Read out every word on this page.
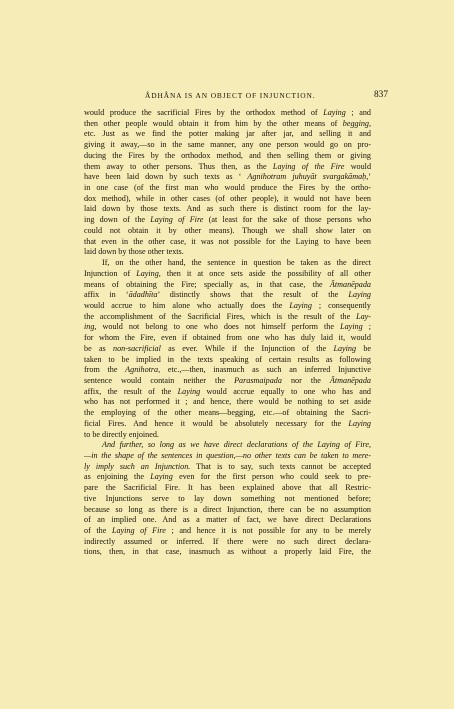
ÂDHÂNA IS AN OBJECT OF INJUNCTION.	837
would produce the sacrificial Fires by the orthodox method of Laying ; and
then other people would obtain it from him by the other means of begging,
etc. Just as we find the potter making jar after jar, and selling it and
giving it away,—so in the same manner, any one person would go on pro-
ducing the Fires by the orthodox method, and then selling them or giving
them away to other persons. Thus then, as the Laying of the Fire would
have been laid down by such texts as ‘ Agnihotram juhuyāt svargakāmaḥ,’
in one case (of the first man who would produce the Fires by the ortho-
dox method), while in other cases (of other people), it would not have been
laid down by those texts. And as such there is distinct room for the lay-
ing down of the Laying of Fire (at least for the sake of those persons who
could not obtain it by other means). Though we shall show later on
that even in the other case, it was not possible for the Laying to have been
laid down by those other texts.
If, on the other hand, the sentence in question be taken as the direct
Injunction of Laying, then it at once sets aside the possibility of all other
means of obtaining the Fire; specially as, in that case, the Ātmanēpada
affix in ‘ādadhīta’ distinctly shows that the result of the Laying
would accrue to him alone who actually does the Laying ; consequently
the accomplishment of the Sacrificial Fires, which is the result of the Lay-
ing, would not belong to one who does not himself perform the Laying ;
for whom the Fire, even if obtained from one who has duly laid it, would
be as non-sacrificial as ever. While if the Injunction of the Laying be
taken to be implied in the texts speaking of certain results as following
from the Agnihotra, etc.,—then, inasmuch as such an inferred Injunctive
sentence would contain neither the Parasmaipada nor the Ātmanēpada
affix, the result of the Laying would accrue equally to one who has and
who has not performed it ; and hence, there would be nothing to set aside
the employing of the other means—begging, etc.—of obtaining the Sacri-
ficial Fires. And hence it would be absolutely necessary for the Laying
to be directly enjoined.
And further, so long as we have direct declarations of the Laying of Fire,
—in the shape of the sentences in question,—no other texts can be taken to mere-
ly imply such an Injunction. That is to say, such texts cannot be accepted
as enjoining the Laying even for the first person who could seek to pre-
pare the Sacrificial Fire. It has been explained above that all Restric-
tive Injunctions serve to lay down something not mentioned before;
because so long as there is a direct Injunction, there can be no assumption
of an implied one. And as a matter of fact, we have direct Declarations
of the Laying of Fire ; and hence it is not possible for any to be merely
indirectly assumed or inferred. If there were no such direct declara-
tions, then, in that case, inasmuch as without a properly laid Fire, the
